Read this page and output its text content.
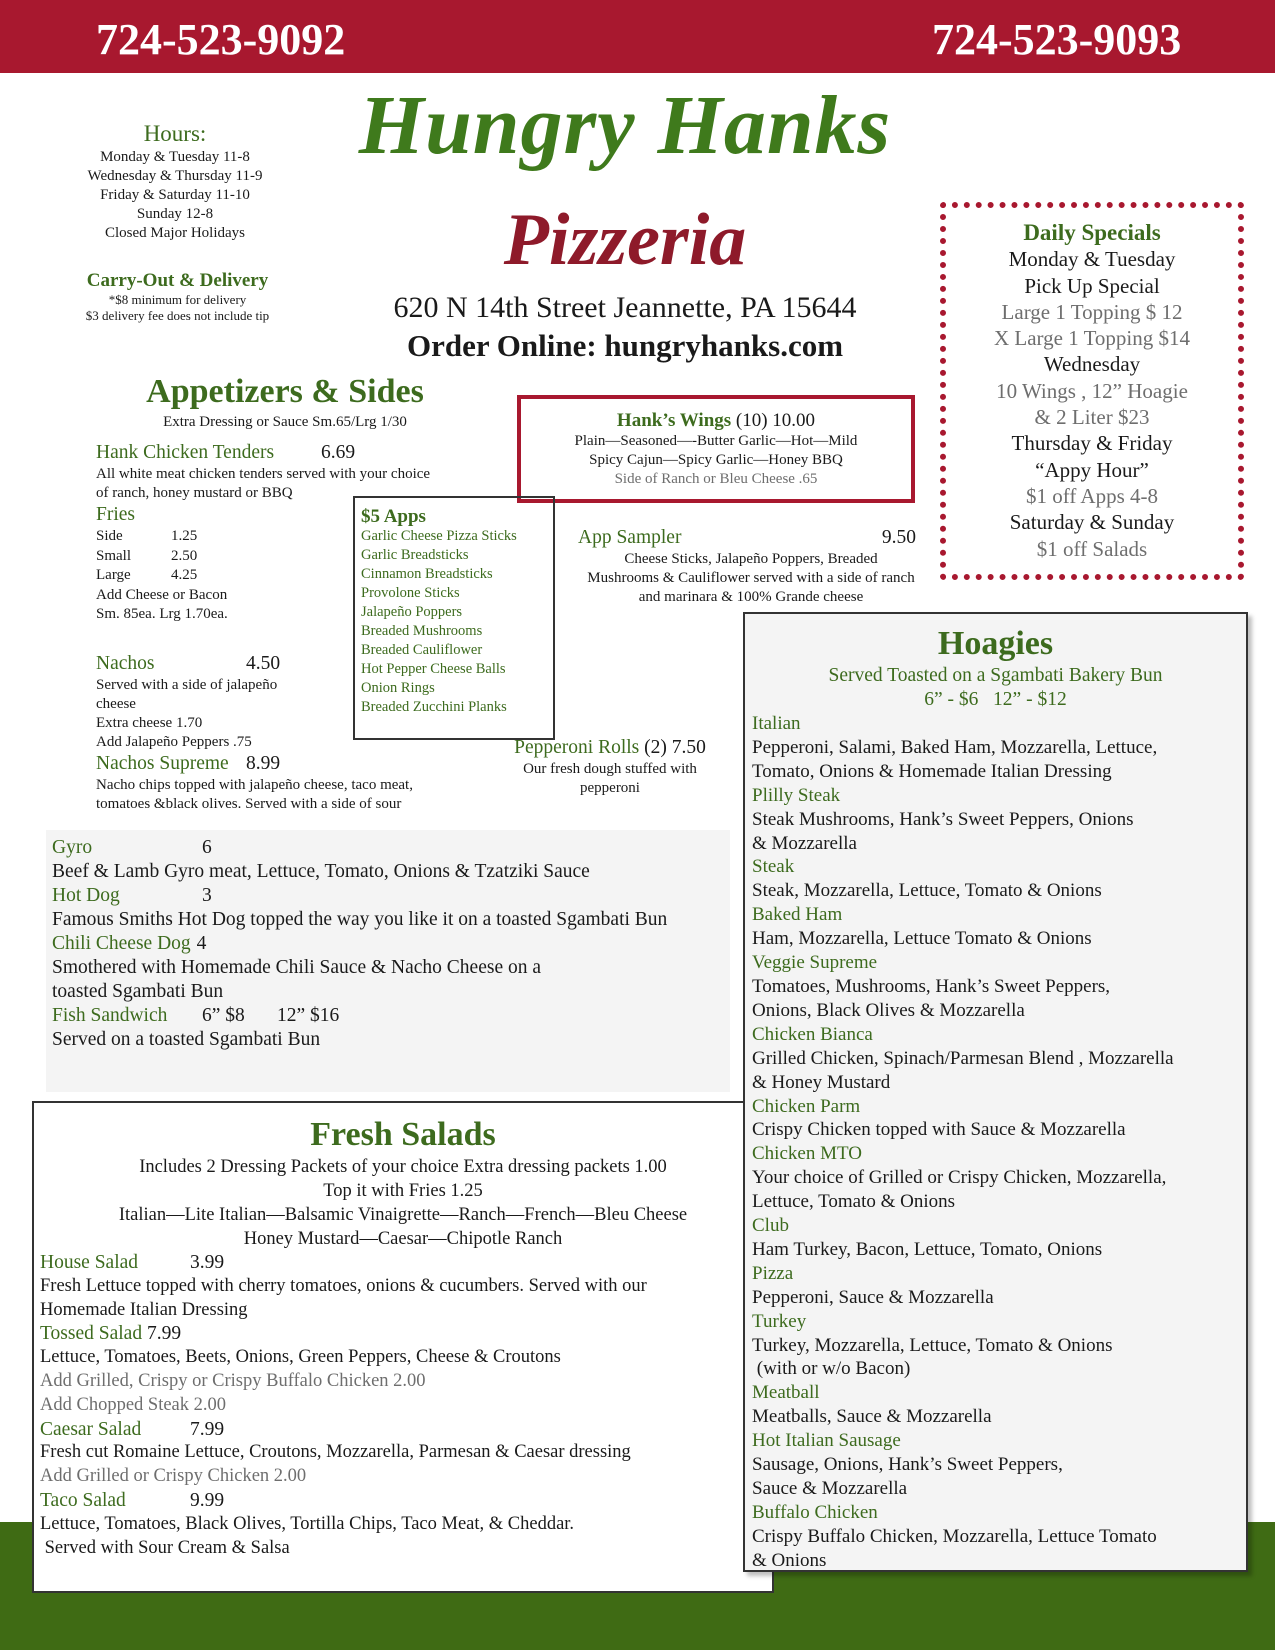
724-523-9092	724-523-9093
Hungry Hanks
Pizzeria
620 N 14th Street Jeannette, PA 15644
Order Online: hungryhanks.com
Hours:
Monday & Tuesday 11-8
Wednesday & Thursday 11-9
Friday & Saturday 11-10
Sunday 12-8
Closed Major Holidays
Carry-Out & Delivery
*$8 minimum for delivery
$3 delivery fee does not include tip
Daily Specials
Monday & Tuesday
Pick Up Special
Large 1 Topping $ 12
X Large 1 Topping $14
Wednesday
10 Wings , 12” Hoagie
& 2 Liter $23
Thursday & Friday
“Appy Hour”
$1 off Apps 4-8
Saturday & Sunday
$1 off Salads
Appetizers & Sides
Extra Dressing or Sauce Sm.65/Lrg 1/30
Hank Chicken Tenders	6.69
All white meat chicken tenders served with your choice
of ranch, honey mustard or BBQ
Fries
Side	1.25
Small	2.50
Large	4.25
Add Cheese or Bacon
Sm. 85ea. Lrg 1.70ea.
Nachos	4.50
Served with a side of jalapeño
cheese
Extra cheese 1.70
Add Jalapeño Peppers .75
Nachos Supreme 8.99
Nacho chips topped with jalapeño cheese, taco meat,
tomatoes &black olives. Served with a side of sour
Hank’s Wings (10) 10.00
Plain—Seasoned—-Butter Garlic—Hot—Mild
Spicy Cajun—Spicy Garlic—Honey BBQ
Side of Ranch or Bleu Cheese .65
$5 Apps
Garlic Cheese Pizza Sticks
Garlic Breadsticks
Cinnamon Breadsticks
Provolone Sticks
Jalapeño Poppers
Breaded Mushrooms
Breaded Cauliflower
Hot Pepper Cheese Balls
Onion Rings
Breaded Zucchini Planks
App Sampler	9.50
Cheese Sticks, Jalapeño Poppers, Breaded
Mushrooms & Cauliflower served with a side of ranch
and marinara & 100% Grande cheese
Pepperoni Rolls (2) 7.50
Our fresh dough stuffed with
pepperoni
Gyro	6
Beef & Lamb Gyro meat, Lettuce, Tomato, Onions & Tzatziki Sauce
Hot Dog	3
Famous Smiths Hot Dog topped the way you like it on a toasted Sgambati Bun
Chili Cheese Dog 4
Smothered with Homemade Chili Sauce & Nacho Cheese on a
toasted Sgambati Bun
Fish Sandwich	6” $8	12” $16
Served on a toasted Sgambati Bun
Fresh Salads
Includes 2 Dressing Packets of your choice Extra dressing packets 1.00
Top it with Fries 1.25
Italian—Lite Italian—Balsamic Vinaigrette—Ranch—French—Bleu Cheese
Honey Mustard—Caesar—Chipotle Ranch
House Salad	3.99
Fresh Lettuce topped with cherry tomatoes, onions & cucumbers. Served with our
Homemade Italian Dressing
Tossed Salad 7.99
Lettuce, Tomatoes, Beets, Onions, Green Peppers, Cheese & Croutons
Add Grilled, Crispy or Crispy Buffalo Chicken 2.00
Add Chopped Steak 2.00
Caesar Salad	7.99
Fresh cut Romaine Lettuce, Croutons, Mozzarella, Parmesan & Caesar dressing
Add Grilled or Crispy Chicken 2.00
Taco Salad	9.99
Lettuce, Tomatoes, Black Olives, Tortilla Chips, Taco Meat, & Cheddar.
Served with Sour Cream & Salsa
Hoagies
Served Toasted on a Sgambati Bakery Bun
6” - $6   12” - $12
Italian
Pepperoni, Salami, Baked Ham, Mozzarella, Lettuce,
Tomato, Onions & Homemade Italian Dressing
Plilly Steak
Steak Mushrooms, Hank’s Sweet Peppers, Onions
& Mozzarella
Steak
Steak, Mozzarella, Lettuce, Tomato & Onions
Baked Ham
Ham, Mozzarella, Lettuce Tomato & Onions
Veggie Supreme
Tomatoes, Mushrooms, Hank’s Sweet Peppers,
Onions, Black Olives & Mozzarella
Chicken Bianca
Grilled Chicken, Spinach/Parmesan Blend , Mozzarella
& Honey Mustard
Chicken Parm
Crispy Chicken topped with Sauce & Mozzarella
Chicken MTO
Your choice of Grilled or Crispy Chicken, Mozzarella,
Lettuce, Tomato & Onions
Club
Ham Turkey, Bacon, Lettuce, Tomato, Onions
Pizza
Pepperoni, Sauce & Mozzarella
Turkey
Turkey, Mozzarella, Lettuce, Tomato & Onions
(with or w/o Bacon)
Meatball
Meatballs, Sauce & Mozzarella
Hot Italian Sausage
Sausage, Onions, Hank’s Sweet Peppers,
Sauce & Mozzarella
Buffalo Chicken
Crispy Buffalo Chicken, Mozzarella, Lettuce Tomato
& Onions
